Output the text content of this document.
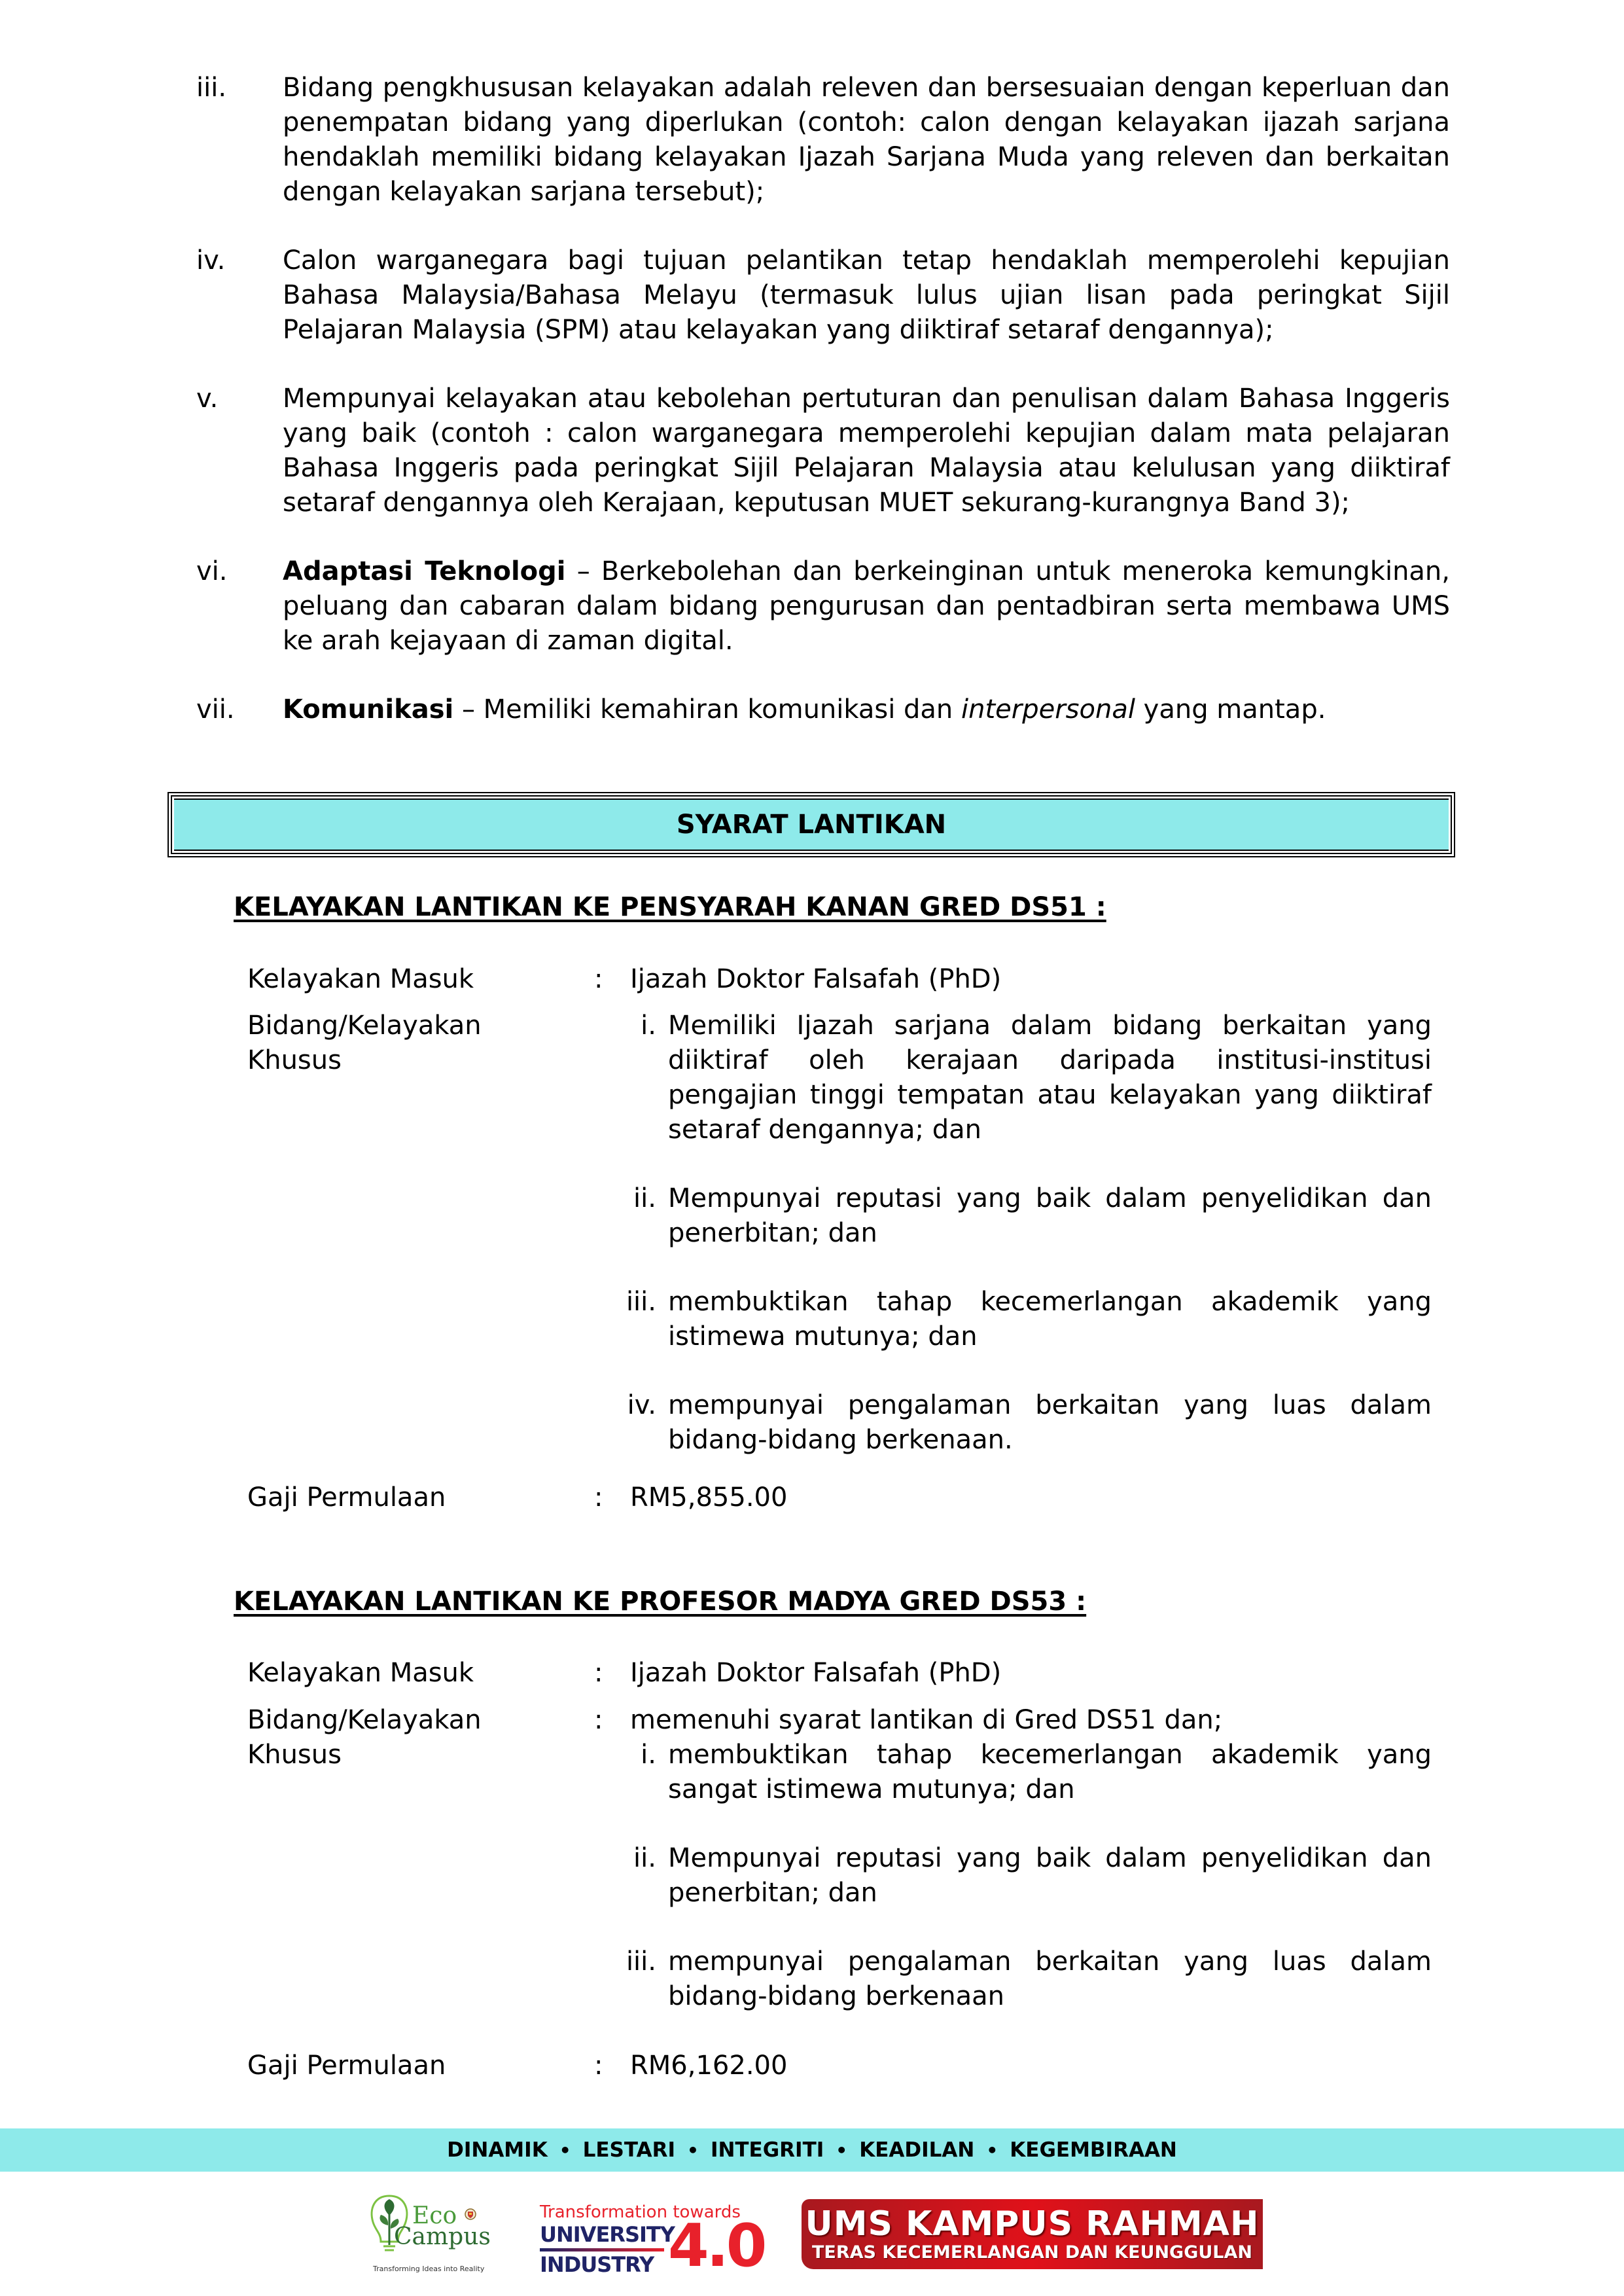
iii.	Bidang pengkhususan kelayakan adalah releven dan bersesuaian dengan keperluan dan penempatan bidang yang diperlukan (contoh: calon dengan kelayakan ijazah sarjana hendaklah memiliki bidang kelayakan Ijazah Sarjana Muda yang releven dan berkaitan dengan kelayakan sarjana tersebut);
iv.	Calon warganegara bagi tujuan pelantikan tetap hendaklah memperolehi kepujian Bahasa Malaysia/Bahasa Melayu (termasuk lulus ujian lisan pada peringkat Sijil Pelajaran Malaysia (SPM) atau kelayakan yang diiktiraf setaraf dengannya);
v.	Mempunyai kelayakan atau kebolehan pertuturan dan penulisan dalam Bahasa Inggeris yang baik (contoh : calon warganegara memperolehi kepujian dalam mata pelajaran Bahasa Inggeris pada peringkat Sijil Pelajaran Malaysia atau kelulusan yang diiktiraf setaraf dengannya oleh Kerajaan, keputusan MUET sekurang-kurangnya Band 3);
vi.	Adaptasi Teknologi – Berkebolehan dan berkeinginan untuk meneroka kemungkinan, peluang dan cabaran dalam bidang pengurusan dan pentadbiran serta membawa UMS ke arah kejayaan di zaman digital.
vii.	Komunikasi – Memiliki kemahiran komunikasi dan interpersonal yang mantap.
SYARAT LANTIKAN
KELAYAKAN LANTIKAN KE PENSYARAH KANAN GRED DS51 :
Kelayakan Masuk	:	Ijazah Doktor Falsafah (PhD)
Bidang/Kelayakan
Khusus
i. Memiliki Ijazah sarjana dalam bidang berkaitan yang diiktiraf oleh kerajaan daripada institusi-institusi pengajian tinggi tempatan atau kelayakan yang diiktiraf setaraf dengannya; dan
ii. Mempunyai reputasi yang baik dalam penyelidikan dan penerbitan; dan
iii. membuktikan tahap kecemerlangan akademik yang istimewa mutunya; dan
iv. mempunyai pengalaman berkaitan yang luas dalam bidang-bidang berkenaan.
Gaji Permulaan	:	RM5,855.00
KELAYAKAN LANTIKAN KE PROFESOR MADYA GRED DS53 :
Kelayakan Masuk	:	Ijazah Doktor Falsafah (PhD)
Bidang/Kelayakan
Khusus
:	memenuhi syarat lantikan di Gred DS51 dan;
i. membuktikan tahap kecemerlangan akademik yang sangat istimewa mutunya; dan
ii. Mempunyai reputasi yang baik dalam penyelidikan dan penerbitan; dan
iii. mempunyai pengalaman berkaitan yang luas dalam bidang-bidang berkenaan
Gaji Permulaan	:	RM6,162.00
DINAMIK • LESTARI • INTEGRITI • KEADILAN • KEGEMBIRAAN
Eco
Campus
Transforming Ideas into Reality
Transformation towards
UNIVERSITY
INDUSTRY 4.0 UMS KAMPUS RAHMAH
TERAS KECEMERLANGAN DAN KEUNGGULAN
